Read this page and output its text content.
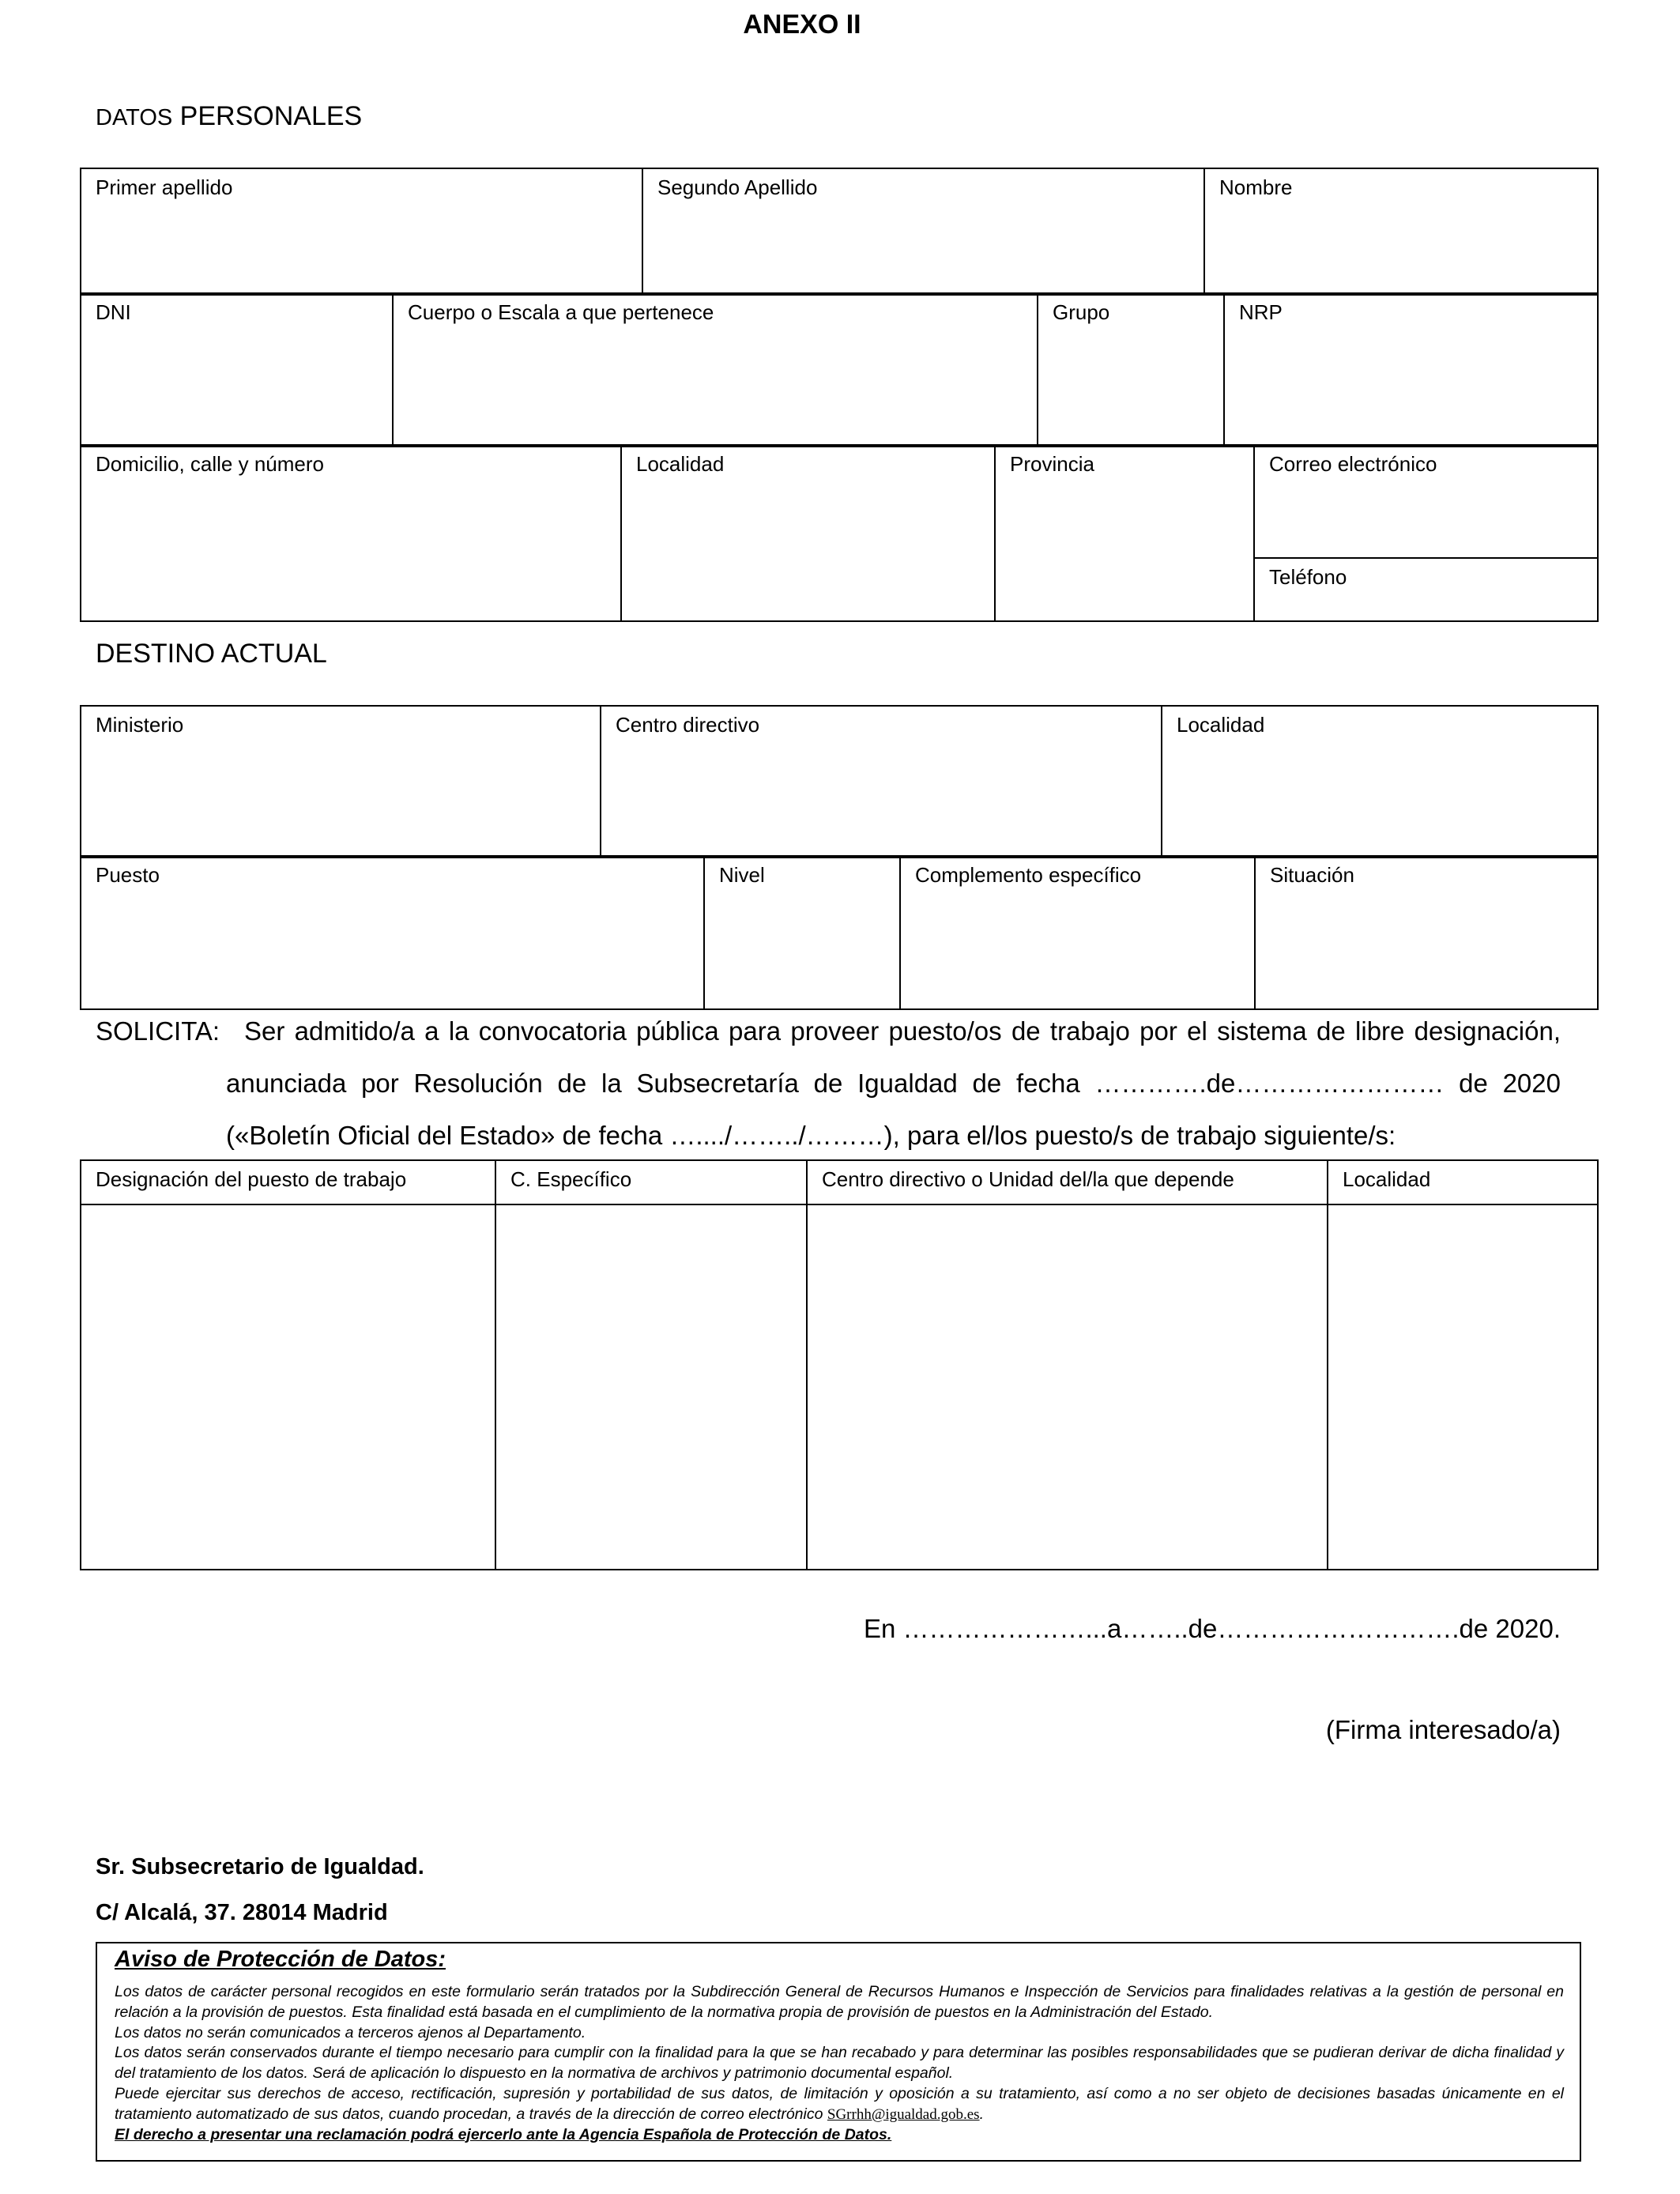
ANEXO II
DATOS PERSONALES
Primer apellido	Segundo Apellido	Nombre
DNI	Cuerpo o Escala a que pertenece	Grupo	NRP
Domicilio, calle y número	Localidad	Provincia	Correo electrónico
Teléfono
DESTINO ACTUAL
Ministerio	Centro directivo	Localidad
Puesto	Nivel	Complemento específico	Situación
SOLICITA: Ser admitido/a a la convocatoria pública para proveer puesto/os de trabajo por el sistema de libre designación, anunciada por Resolución de la Subsecretaría de Igualdad de fecha ………….de…………………… de 2020 («Boletín Oficial del Estado» de fecha …..../……../………), para el/los puesto/s de trabajo siguiente/s:
Designación del puesto de trabajo	C. Específico	Centro directivo o Unidad del/la que depende	Localidad

En …………………...a……..de……………………….de 2020.
(Firma interesado/a)
Sr. Subsecretario de Igualdad.
C/ Alcalá, 37. 28014 Madrid
Aviso de Protección de Datos:
Los datos de carácter personal recogidos en este formulario serán tratados por la Subdirección General de Recursos Humanos e Inspección de Servicios para finalidades relativas a la gestión de personal en relación a la provisión de puestos. Esta finalidad está basada en el cumplimiento de la normativa propia de provisión de puestos en la Administración del Estado.
Los datos no serán comunicados a terceros ajenos al Departamento.
Los datos serán conservados durante el tiempo necesario para cumplir con la finalidad para la que se han recabado y para determinar las posibles responsabilidades que se pudieran derivar de dicha finalidad y del tratamiento de los datos. Será de aplicación lo dispuesto en la normativa de archivos y patrimonio documental español.
Puede ejercitar sus derechos de acceso, rectificación, supresión y portabilidad de sus datos, de limitación y oposición a su tratamiento, así como a no ser objeto de decisiones basadas únicamente en el tratamiento automatizado de sus datos, cuando procedan, a través de la dirección de correo electrónico SGrrhh@igualdad.gob.es.
El derecho a presentar una reclamación podrá ejercerlo ante la Agencia Española de Protección de Datos.
